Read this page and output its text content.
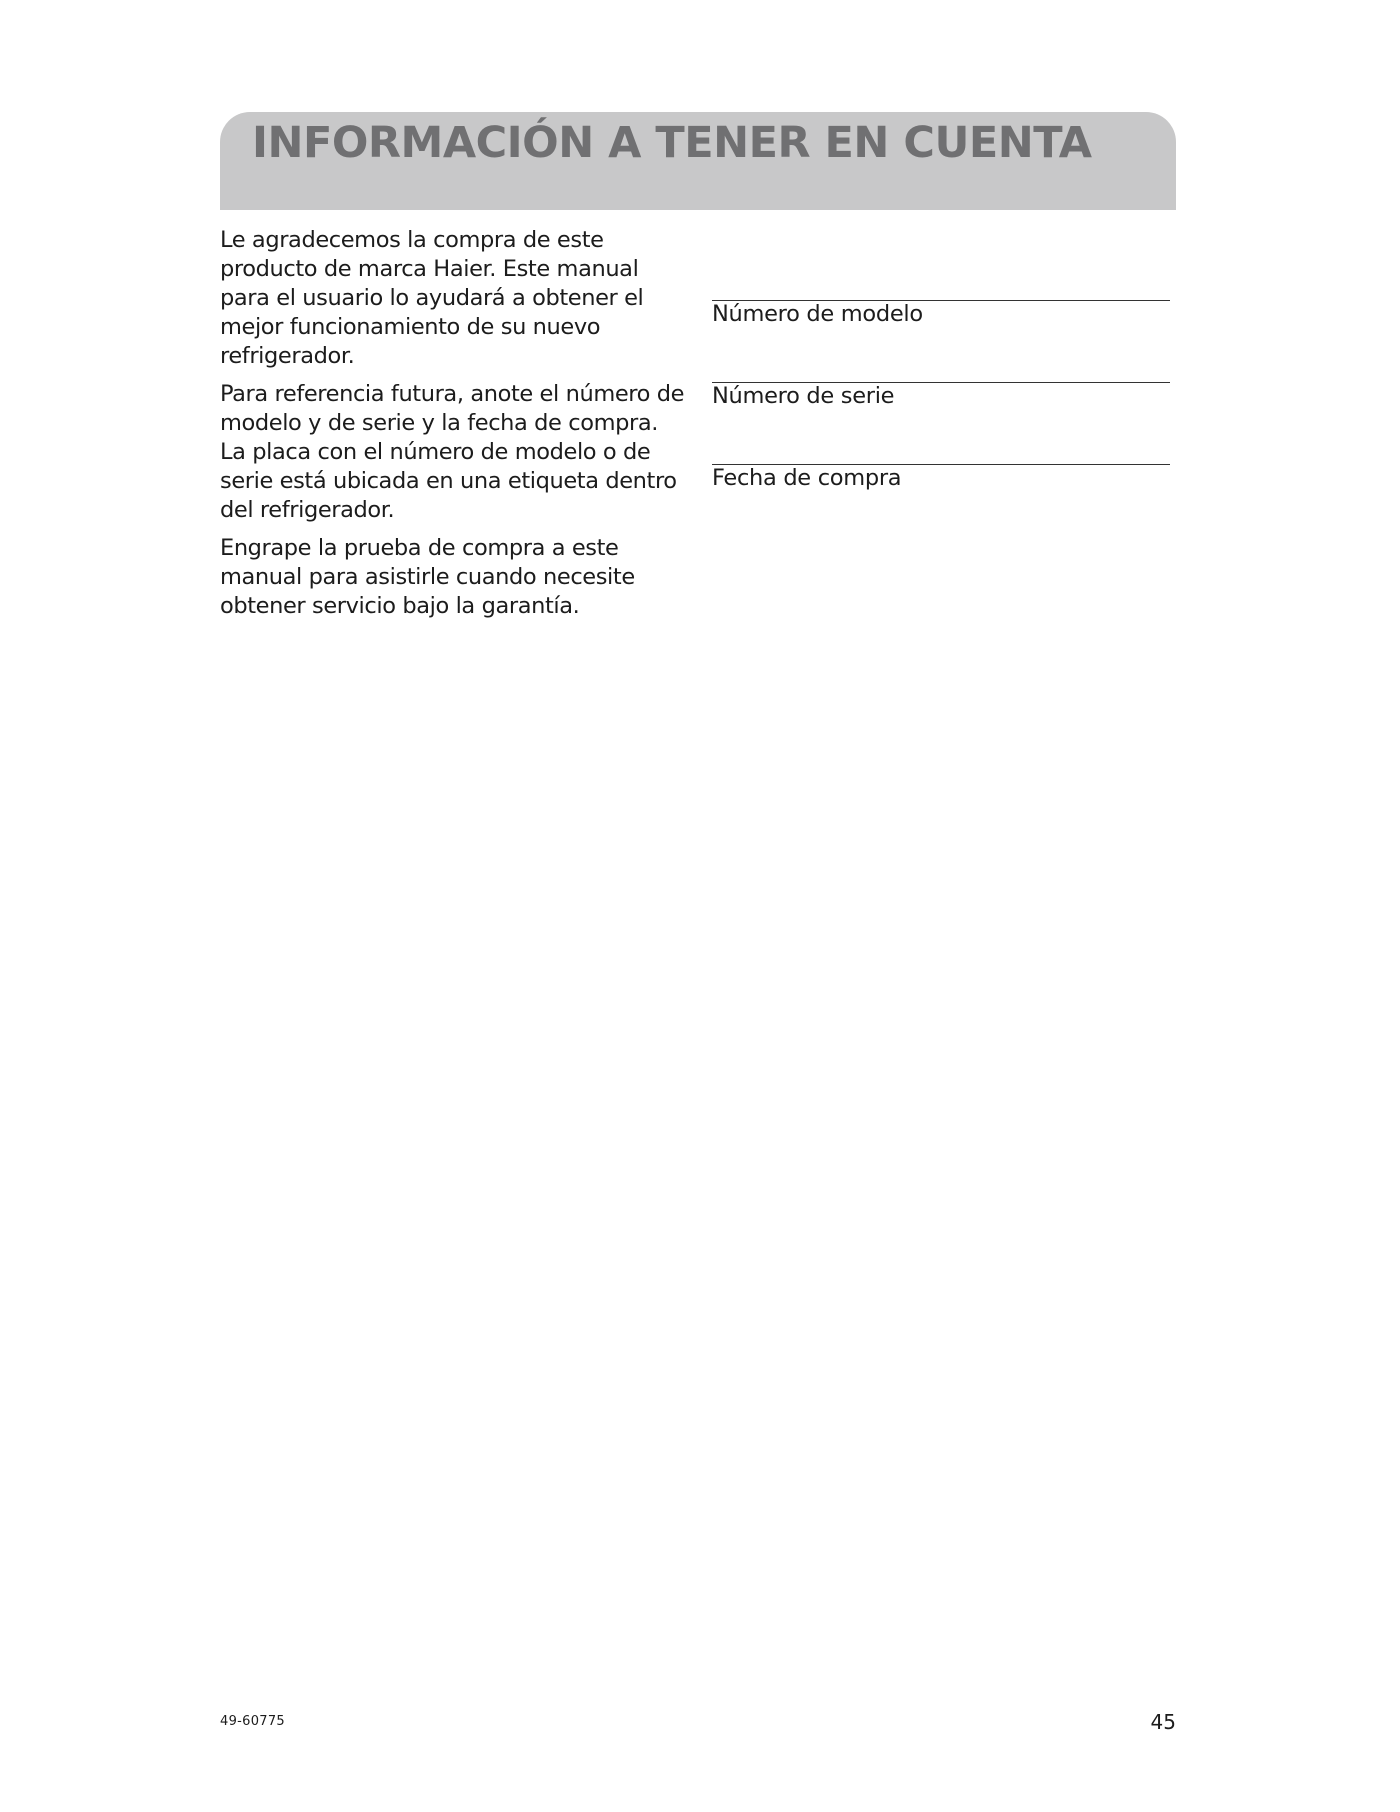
INFORMACIÓN A TENER EN CUENTA

Le agradecemos la compra de este producto de marca Haier. Este manual para el usuario lo ayudará a obtener el mejor funcionamiento de su nuevo refrigerador.

Para referencia futura, anote el número de modelo y de serie y la fecha de compra. La placa con el número de modelo o de serie está ubicada en una etiqueta dentro del refrigerador.

Engrape la prueba de compra a este manual para asistirle cuando necesite obtener servicio bajo la garantía.

Número de modelo
Número de serie
Fecha de compra
49-60775	45
